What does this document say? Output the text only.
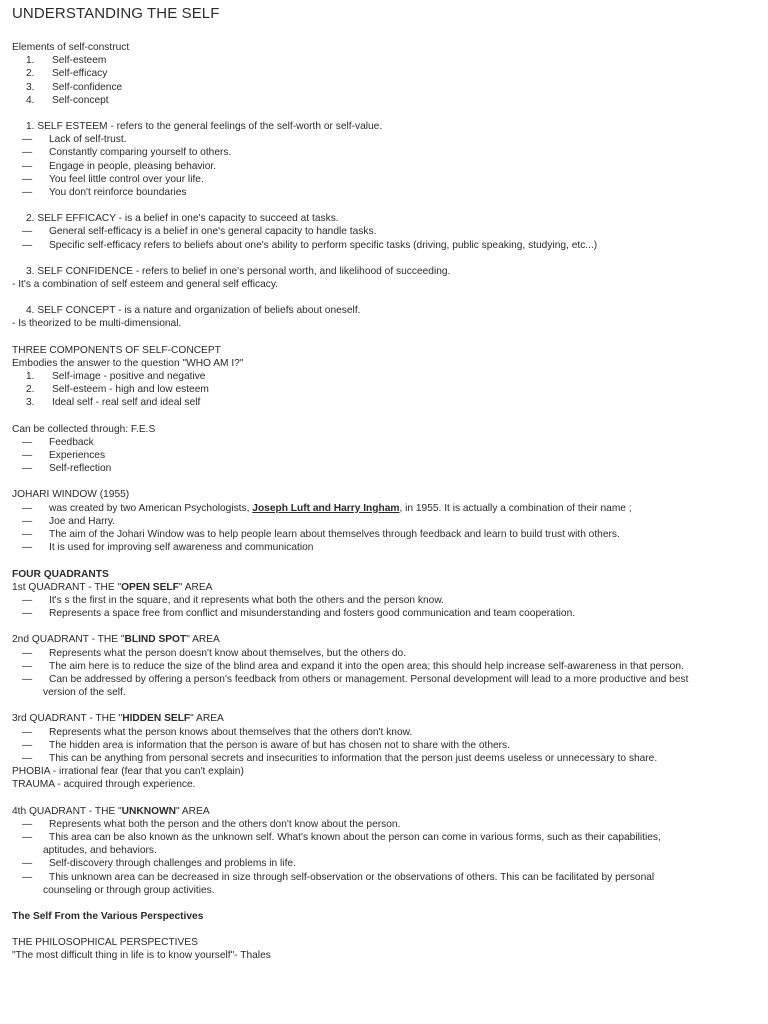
UNDERSTANDING THE SELF
Elements of self-construct
1. Self-esteem
2. Self-efficacy
3. Self-confidence
4. Self-concept
1. SELF ESTEEM - refers to the general feelings of the self-worth or self-value.
— Lack of self-trust.
— Constantly comparing yourself to others.
— Engage in people, pleasing behavior.
— You feel little control over your life.
— You don't reinforce boundaries
2. SELF EFFICACY - is a belief in one's capacity to succeed at tasks.
— General self-efficacy is a belief in one's general capacity to handle tasks.
— Specific self-efficacy refers to beliefs about one's ability to perform specific tasks (driving, public speaking, studying, etc...)
3. SELF CONFIDENCE - refers to belief in one's personal worth, and likelihood of succeeding.
- It's a combination of self esteem and general self efficacy.
4. SELF CONCEPT - is a nature and organization of beliefs about oneself.
- Is theorized to be multi-dimensional.
THREE COMPONENTS OF SELF-CONCEPT
Embodies the answer to the question "WHO AM I?"
1. Self-image - positive and negative
2. Self-esteem - high and low esteem
3. Ideal self - real self and ideal self
Can be collected through: F.E.S
— Feedback
— Experiences
— Self-reflection
JOHARI WINDOW (1955)
— was created by two American Psychologists, Joseph Luft and Harry Ingham, in 1955. It is actually a combination of their name ;
— Joe and Harry.
— The aim of the Johari Window was to help people learn about themselves through feedback and learn to build trust with others.
— It is used for improving self awareness and communication
FOUR QUADRANTS
1st QUADRANT - THE "OPEN SELF" AREA
— It's s the first in the square, and it represents what both the others and the person know.
— Represents a space free from conflict and misunderstanding and fosters good communication and team cooperation.
2nd QUADRANT - THE "BLIND SPOT" AREA
— Represents what the person doesn't know about themselves, but the others do.
— The aim here is to reduce the size of the blind area and expand it into the open area; this should help increase self-awareness in that person.
— Can be addressed by offering a person's feedback from others or management. Personal development will lead to a more productive and best
version of the self.
3rd QUADRANT - THE "HIDDEN SELF" AREA
— Represents what the person knows about themselves that the others don't know.
— The hidden area is information that the person is aware of but has chosen not to share with the others.
— This can be anything from personal secrets and insecurities to information that the person just deems useless or unnecessary to share.
PHOBIA - irrational fear (fear that you can't explain)
TRAUMA - acquired through experience.
4th QUADRANT - THE "UNKNOWN" AREA
— Represents what both the person and the others don't know about the person.
— This area can be also known as the unknown self. What's known about the person can come in various forms, such as their capabilities,
aptitudes, and behaviors.
— Self-discovery through challenges and problems in life.
— This unknown area can be decreased in size through self-observation or the observations of others. This can be facilitated by personal
counseling or through group activities.
The Self From the Various Perspectives
THE PHILOSOPHICAL PERSPECTIVES
"The most difficult thing in life is to know yourself"- Thales
